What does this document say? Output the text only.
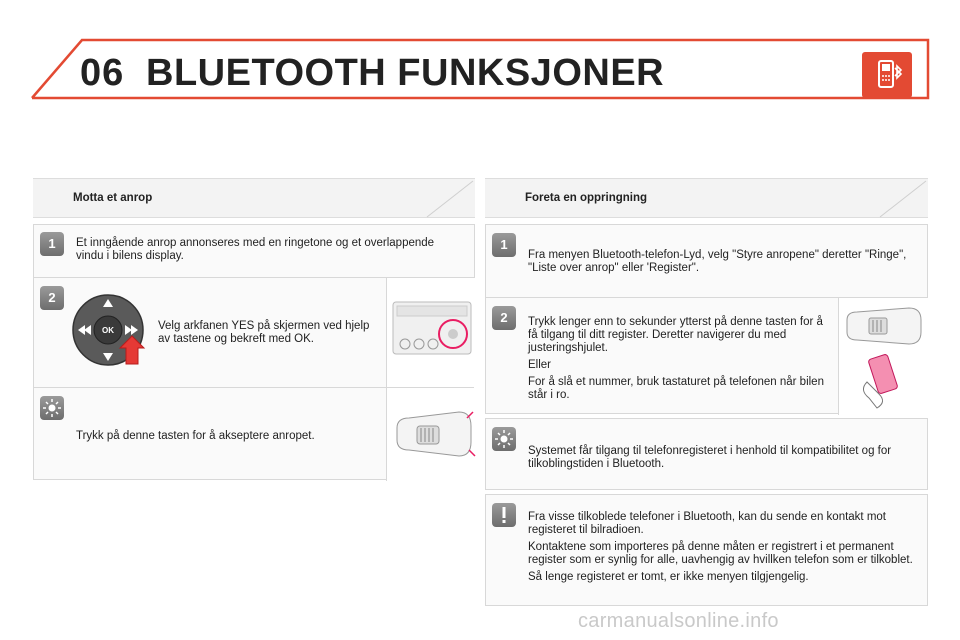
06 BLUETOOTH FUNKSJONER
Motta et anrop
1	Et inngående anrop annonseres med en ringetone og et overlappende vindu i bilens display.
2
OK	Velg arkfanen YES på skjermen ved hjelp av tastene og bekreft med OK.
Trykk på denne tasten for å akseptere anropet.
Foreta en oppringning
1
Fra menyen Bluetooth-telefon-Lyd, velg "Styre anropene" deretter "Ringe", "Liste over anrop" eller 'Register".
2	Trykk lenger enn to sekunder ytterst på denne tasten for å få tilgang til ditt register. Deretter navigerer du med justeringshjulet.

Eller

For å slå et nummer, bruk tastaturet på telefonen når bilen står i ro.

Systemet får tilgang til telefonregisteret i henhold til kompatibilitet og for tilkoblingstiden i Bluetooth.

Fra visse tilkoblede telefoner i Bluetooth, kan du sende en kontakt mot registeret til bilradioen.

Kontaktene som importeres på denne måten er registrert i et permanent register som er synlig for alle, uavhengig av hvillken telefon som er tilkoblet.

Så lenge registeret er tomt, er ikke menyen tilgjengelig.

carmanualsonline.info
